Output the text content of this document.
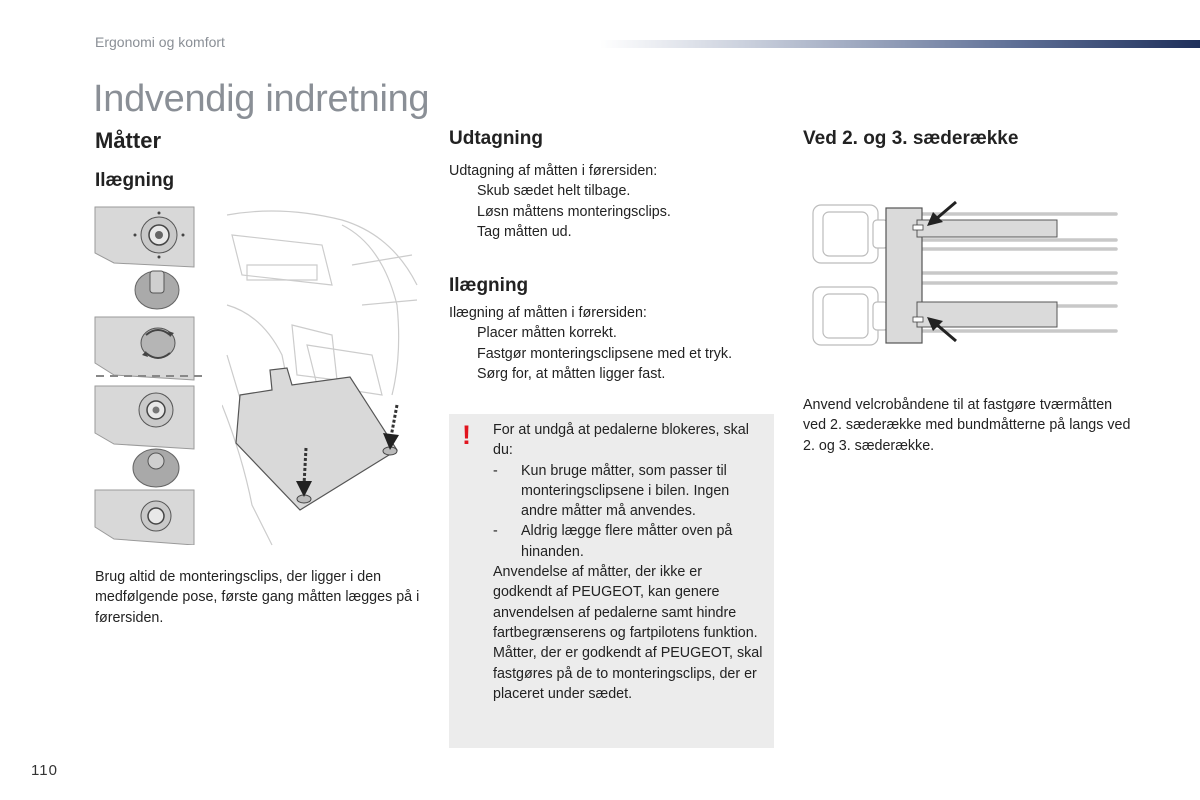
Ergonomi og komfort
Indvendig indretning
Måtter
Ilægning
Brug altid de monteringsclips, der ligger i den medfølgende pose, første gang måtten lægges på i førersiden.
Udtagning
Udtagning af måtten i førersiden:
Skub sædet helt tilbage.
Løsn måttens monteringsclips.
Tag måtten ud.
Ilægning
Ilægning af måtten i førersiden:
Placer måtten korrekt.
Fastgør monteringsclipsene med et tryk.
Sørg for, at måtten ligger fast.
! For at undgå at pedalerne blokeres, skal du:
- Kun bruge måtter, som passer til monteringsclipsene i bilen. Ingen andre måtter må anvendes.
- Aldrig lægge flere måtter oven på hinanden.
Anvendelse af måtter, der ikke er godkendt af PEUGEOT, kan genere anvendelsen af pedalerne samt hindre fartbegrænserens og fartpilotens funktion.
Måtter, der er godkendt af PEUGEOT, skal fastgøres på de to monteringsclips, der er placeret under sædet.
Ved 2. og 3. sæderække
Anvend velcrobåndene til at fastgøre tværmåtten ved 2. sæderække med bundmåtterne på langs ved 2. og 3. sæderække.
110
